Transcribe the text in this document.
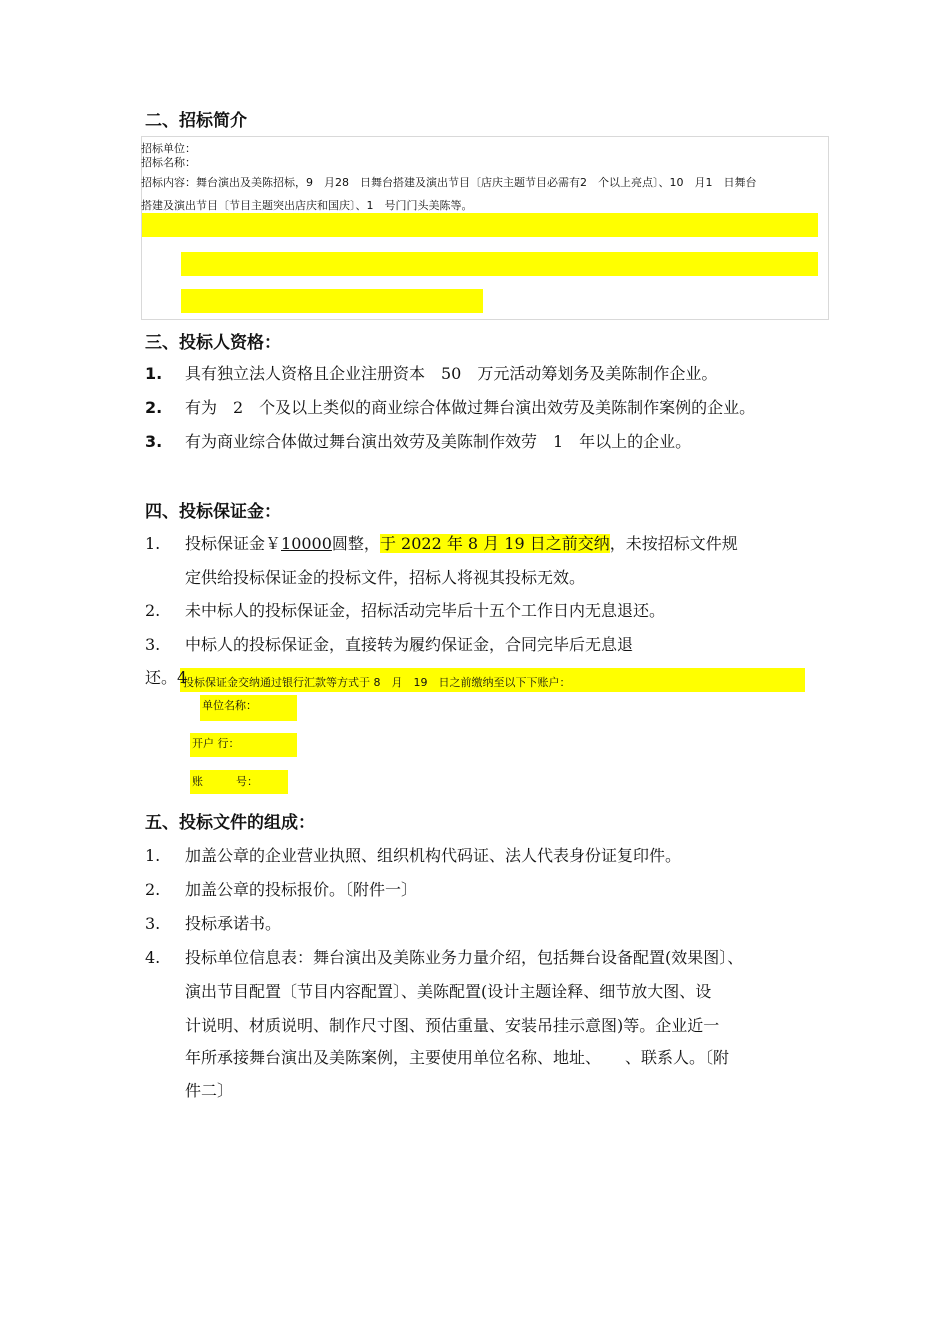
二、招标简介
招标单位：
招标名称：
招标内容：舞台演出及美陈招标，9　月28　日舞台搭建及演出节目〔店庆主题节目必需有2　个以上亮点〕、10　月1　日舞台
搭建及演出节目〔节目主题突出店庆和国庆〕、1　号门门头美陈等。
三、投标人资格：
1. 具有独立法人资格且企业注册资本　50　万元活动筹划务及美陈制作企业。
2. 有为　2　个及以上类似的商业综合体做过舞台演出效劳及美陈制作案例的企业。
3. 有为商业综合体做过舞台演出效劳及美陈制作效劳　1　年以上的企业。
四、投标保证金：
1. 投标保证金￥10000圆整，于 2022 年 8 月 19 日之前交纳，未按招标文件规
定供给投标保证金的投标文件，招标人将视其投标无效。
2. 未中标人的投标保证金，招标活动完毕后十五个工作日内无息退还。
3. 中标人的投标保证金，直接转为履约保证金，合同完毕后无息退
还。4
投标保证金交纳通过银行汇款等方式于 8　月　19　日之前缴纳至以下下账户：
单位名称：
开户 行：
账　　　号：
五、投标文件的组成：
1. 加盖公章的企业营业执照、组织机构代码证、法人代表身份证复印件。
2. 加盖公章的投标报价。〔附件一〕
3. 投标承诺书。
4. 投标单位信息表：舞台演出及美陈业务力量介绍，包括舞台设备配置(效果图〕、
演出节目配置〔节目内容配置〕、美陈配置(设计主题诠释、细节放大图、设
计说明、材质说明、制作尺寸图、预估重量、安装吊挂示意图)等。企业近一
年所承接舞台演出及美陈案例，主要使用单位名称、地址、　　、联系人。〔附
件二〕
